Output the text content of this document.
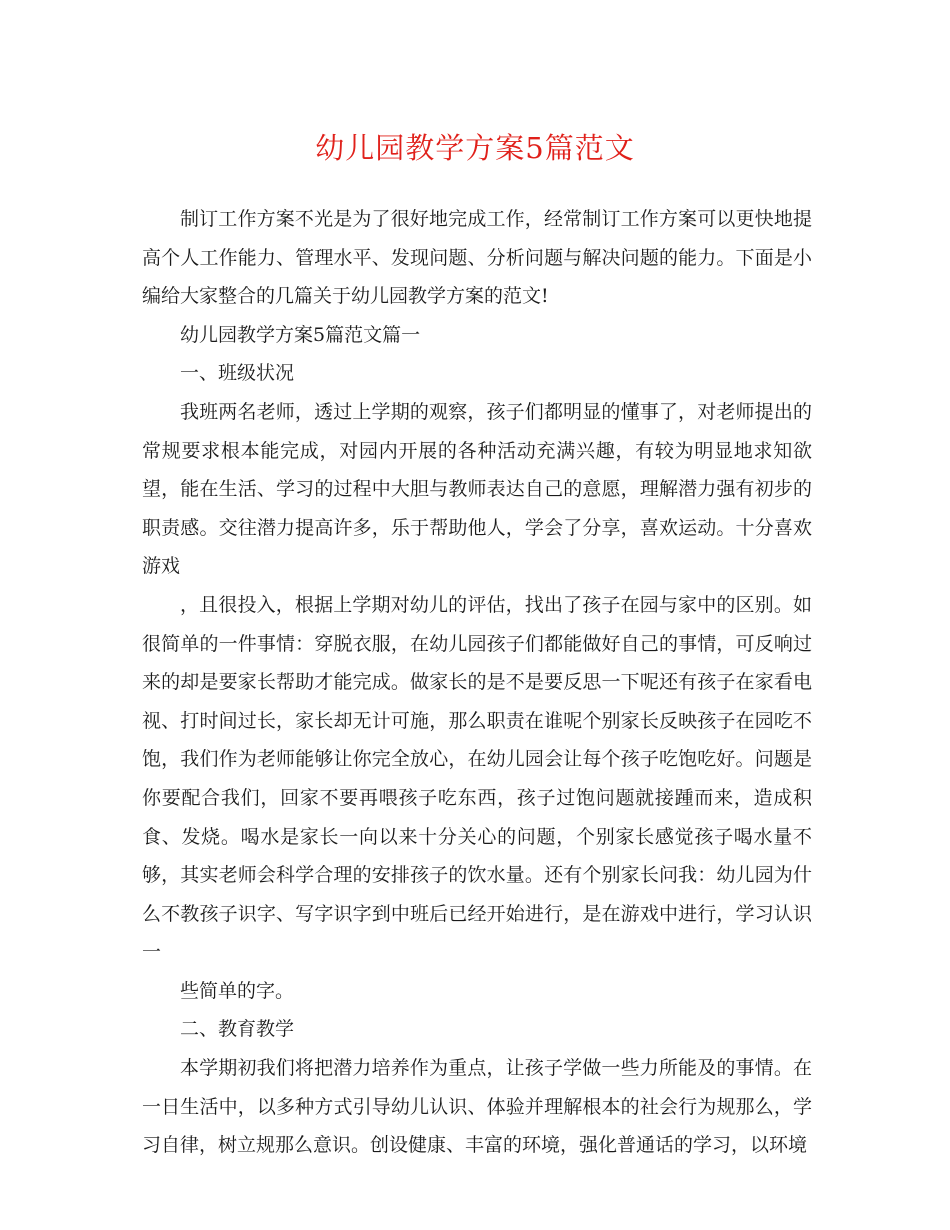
幼儿园教学方案5篇范文

制订工作方案不光是为了很好地完成工作，经常制订工作方案可以更快地提高个人工作能力、管理水平、发现问题、分析问题与解决问题的能力。下面是小编给大家整合的几篇关于幼儿园教学方案的范文!

幼儿园教学方案5篇范文篇一

一、班级状况

我班两名老师，透过上学期的观察，孩子们都明显的懂事了，对老师提出的常规要求根本能完成，对园内开展的各种活动充满兴趣，有较为明显地求知欲望，能在生活、学习的过程中大胆与教师表达自己的意愿，理解潜力强有初步的职责感。交往潜力提高许多，乐于帮助他人，学会了分享，喜欢运动。十分喜欢游戏

，且很投入，根据上学期对幼儿的评估，找出了孩子在园与家中的区别。如很简单的一件事情：穿脱衣服，在幼儿园孩子们都能做好自己的事情，可反响过来的却是要家长帮助才能完成。做家长的是不是要反思一下呢还有孩子在家看电视、打时间过长，家长却无计可施，那么职责在谁呢个别家长反映孩子在园吃不饱，我们作为老师能够让你完全放心，在幼儿园会让每个孩子吃饱吃好。问题是你要配合我们，回家不要再喂孩子吃东西，孩子过饱问题就接踵而来，造成积食、发烧。喝水是家长一向以来十分关心的问题，个别家长感觉孩子喝水量不够，其实老师会科学合理的安排孩子的饮水量。还有个别家长问我：幼儿园为什么不教孩子识字、写字识字到中班后已经开始进行，是在游戏中进行，学习认识一

些简单的字。

二、教育教学

本学期初我们将把潜力培养作为重点，让孩子学做一些力所能及的事情。在一日生活中，以多种方式引导幼儿认识、体验并理解根本的社会行为规那么，学习自律，树立规那么意识。创设健康、丰富的环境，强化普通话的学习，以环境
